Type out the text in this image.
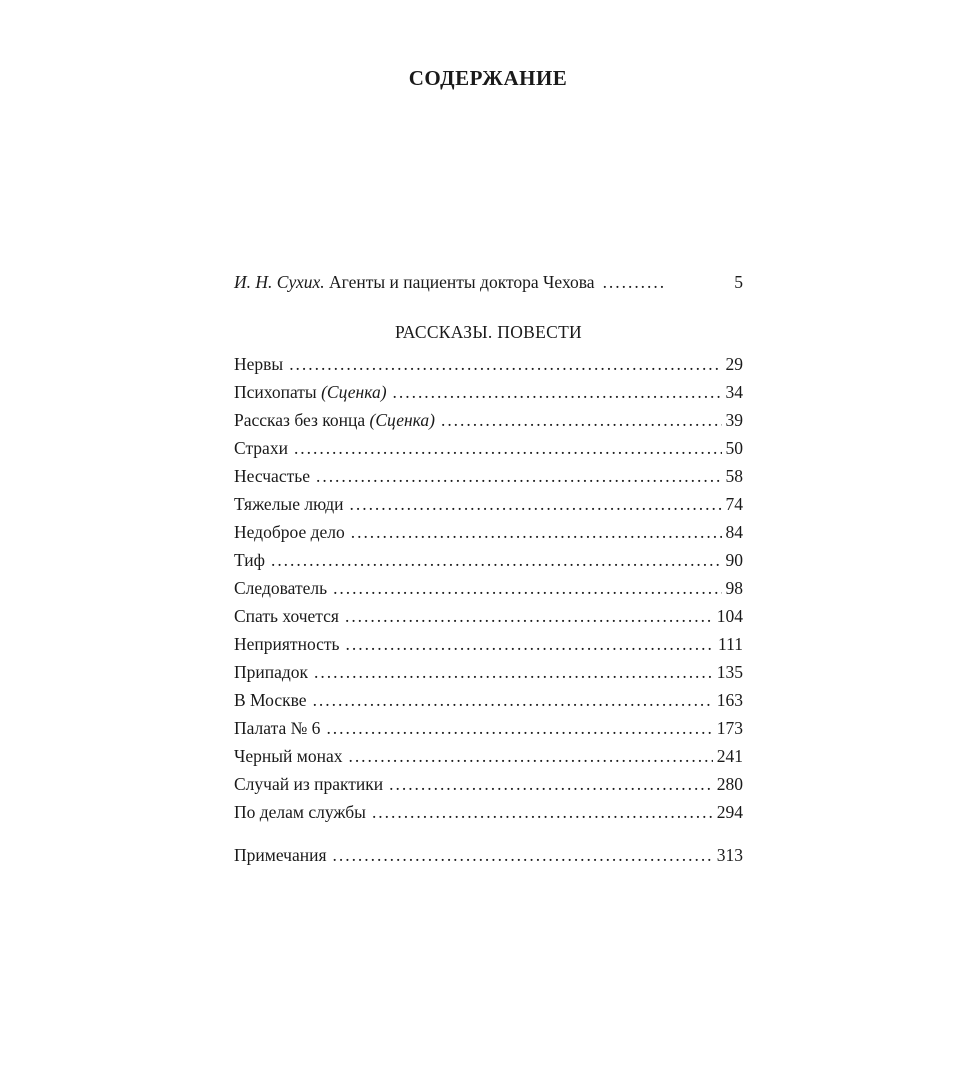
СОДЕРЖАНИЕ
И. Н. Сухих. Агенты и пациенты доктора Чехова . . .	5
РАССКАЗЫ. ПОВЕСТИ
Нервы . . .	29
Психопаты (Сценка) . . .	34
Рассказ без конца (Сценка) . . .	39
Страхи . . .	50
Несчастье . . .	58
Тяжелые люди . . .	74
Недоброе дело . . .	84
Тиф . . .	90
Следователь . . .	98
Спать хочется . . .	104
Неприятность . . .	111
Припадок . . .	135
В Москве . . .	163
Палата № 6 . . .	173
Черный монах . . .	241
Случай из практики . . .	280
По делам службы . . .	294
Примечания . . .	313
